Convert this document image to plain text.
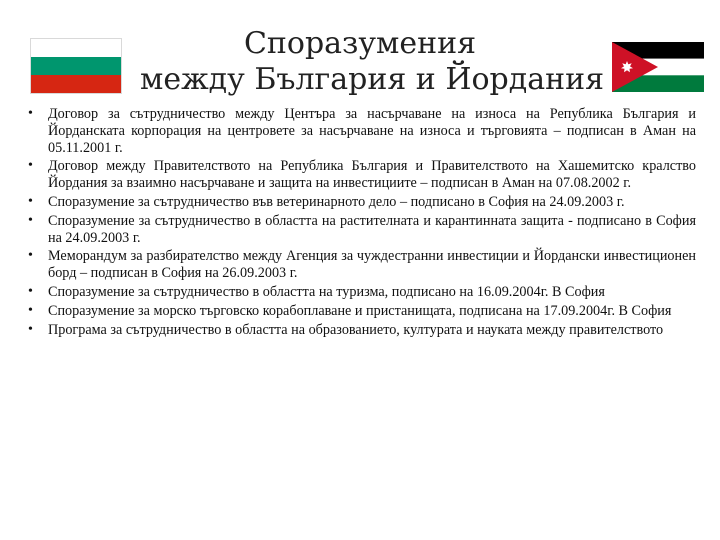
Споразумения
между България и Йордания
•	Договор за сътрудничество между Центъра за насърчаване на износа на Република България и Йорданската корпорация на центровете за насърчаване на износа и търговията – подписан в Аман на 05.11.2001 г.
•	Договор между Правителството на Република България и Правителството на Хашемитско кралство Йордания за взаимно насърчаване и защита на инвестициите – подписан в Аман на 07.08.2002 г.
•	Споразумение за сътрудничество във ветеринарното дело – подписано в София на 24.09.2003 г.
•	Споразумение за сътрудничество в областта на растителната и карантинната защита - подписано в София на 24.09.2003 г.
•	Меморандум за разбирателство между Агенция за чуждестранни инвестиции и Йордански инвестиционен борд – подписан в София на 26.09.2003 г.
•	Споразумение за сътрудничество в областта на туризма, подписано на 16.09.2004г. В София
•	Споразумение за морско търговско корабоплаване и пристанищата, подписана на 17.09.2004г. В София
•	Програма за сътрудничество в областта на образованието, културата и науката между правителството
